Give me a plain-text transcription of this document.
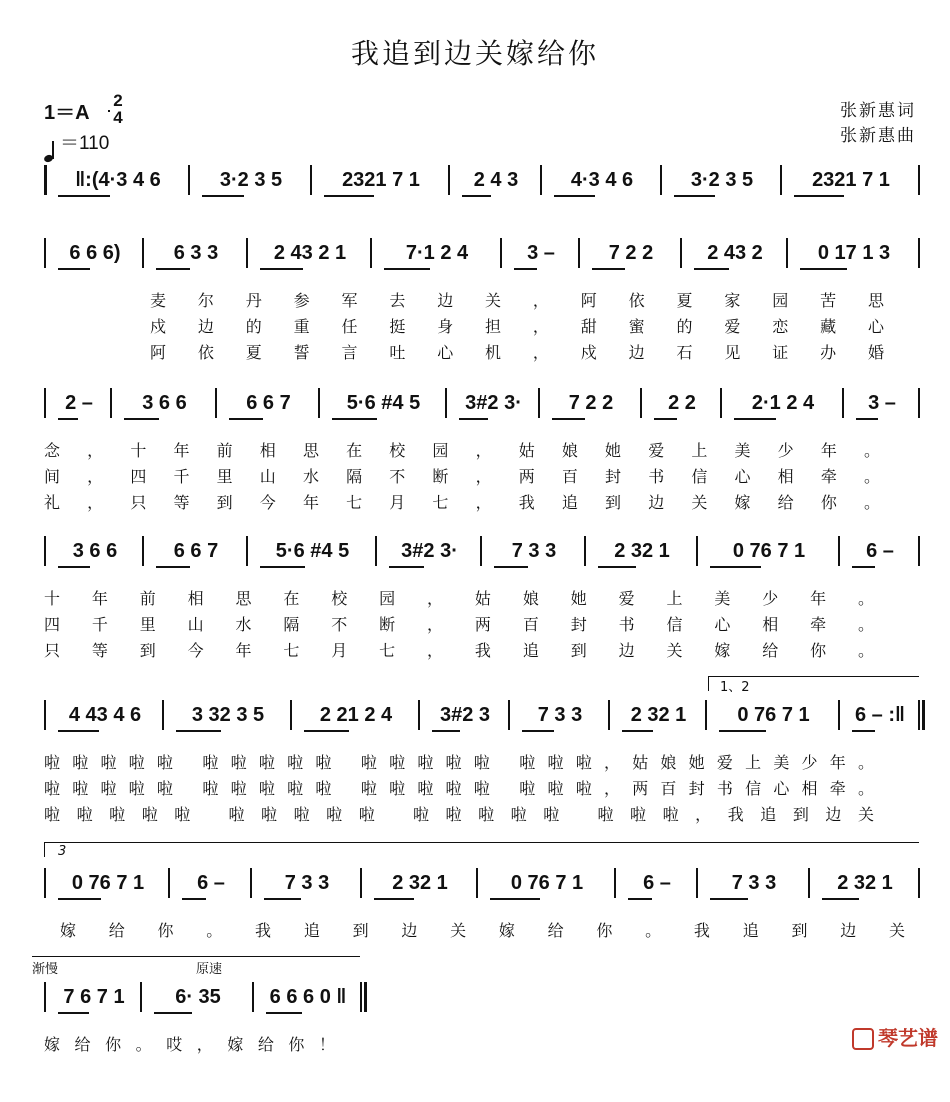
我追到边关嫁给你
1＝A
2
4
＝110
张新惠词
张新惠曲
‖:(4·3 4 6	3·2 3 5	2321 7 1	2 4 3	4·3 4 6	3·2 3 5	2321 7 1
6 6 6)	6 3 3	2 43 2 1	7·1 2 4	3 –	7 2 2	2 43 2	0 17 1 3
麦尔丹参军去边关，阿依夏家园苦思
戍边的重任挺身担，甜蜜的爱恋藏心
阿依夏誓言吐心机，戍边石见证办婚
2 –	3 6 6	6 6 7	5·6 #4 5	3#2 3·	7 2 2	2 2	2·1 2 4	3 –
念，十年前相思在校园，姑娘她爱上美少年。
间，四千里山水隔不断，两百封书信心相牵。
礼，只等到今年七月七，我追到边关嫁给你。
3 6 6	6 6 7	5·6 #4 5	3#2 3·	7 3 3	2 32 1	0 76 7 1	6 –
十年前相思在校园，姑娘她爱上美少年。
四千里山水隔不断，两百封书信心相牵。
只等到今年七月七，我追到边关嫁给你。
4 43 4 6	3 32 3 5	2 21 2 4	3#2 3	7 3 3	2 32 1	0 76 7 1	6 – :‖
啦啦啦啦啦 啦啦啦啦啦 啦啦啦啦啦 啦啦啦，姑娘她爱上美少年。
啦啦啦啦啦 啦啦啦啦啦 啦啦啦啦啦 啦啦啦，两百封书信心相牵。
啦啦啦啦啦 啦啦啦啦啦 啦啦啦啦啦 啦啦啦，我追到边关
0 76 7 1	6 –	7 3 3	2 32 1	0 76 7 1	6 –	7 3 3	2 32 1
嫁给你。我追到边关嫁给你。我追到边关
7 6 7 1	6· 35	6 6 6 0 ‖
嫁给你。哎，嫁给你！
1、2
3
渐慢	原速
琴艺谱
